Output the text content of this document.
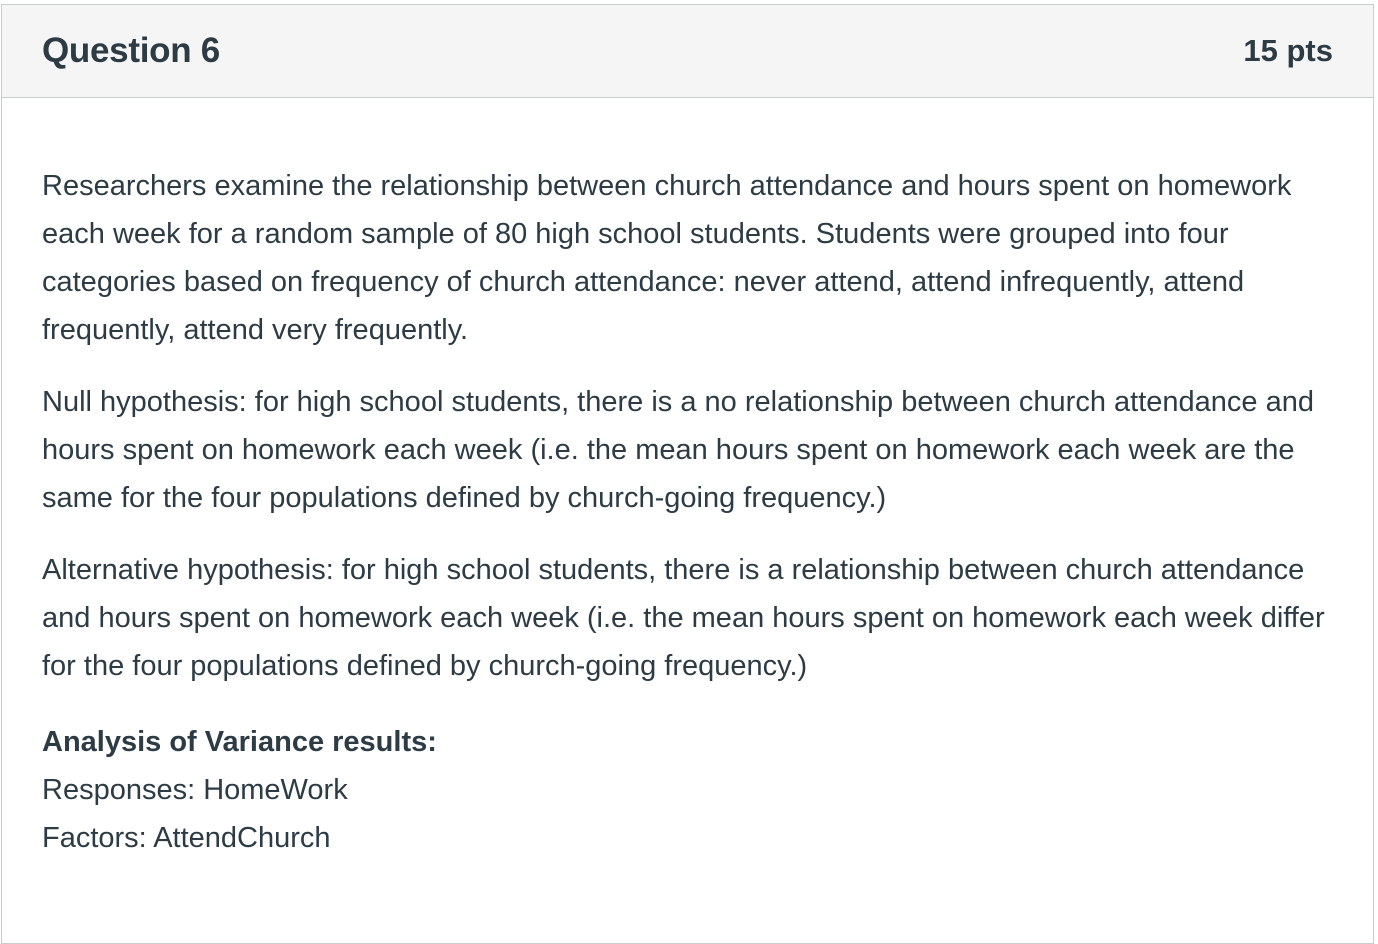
Question 6	15 pts

Researchers examine the relationship between church attendance and hours spent on homework each week for a random sample of 80 high school students. Students were grouped into four categories based on frequency of church attendance: never attend, attend infrequently, attend frequently, attend very frequently.

Null hypothesis: for high school students, there is a no relationship between church attendance and hours spent on homework each week (i.e. the mean hours spent on homework each week are the same for the four populations defined by church-going frequency.)

Alternative hypothesis: for high school students, there is a relationship between church attendance and hours spent on homework each week (i.e. the mean hours spent on homework each week differ for the four populations defined by church-going frequency.)

Analysis of Variance results:
Responses: HomeWork
Factors: AttendChurch
